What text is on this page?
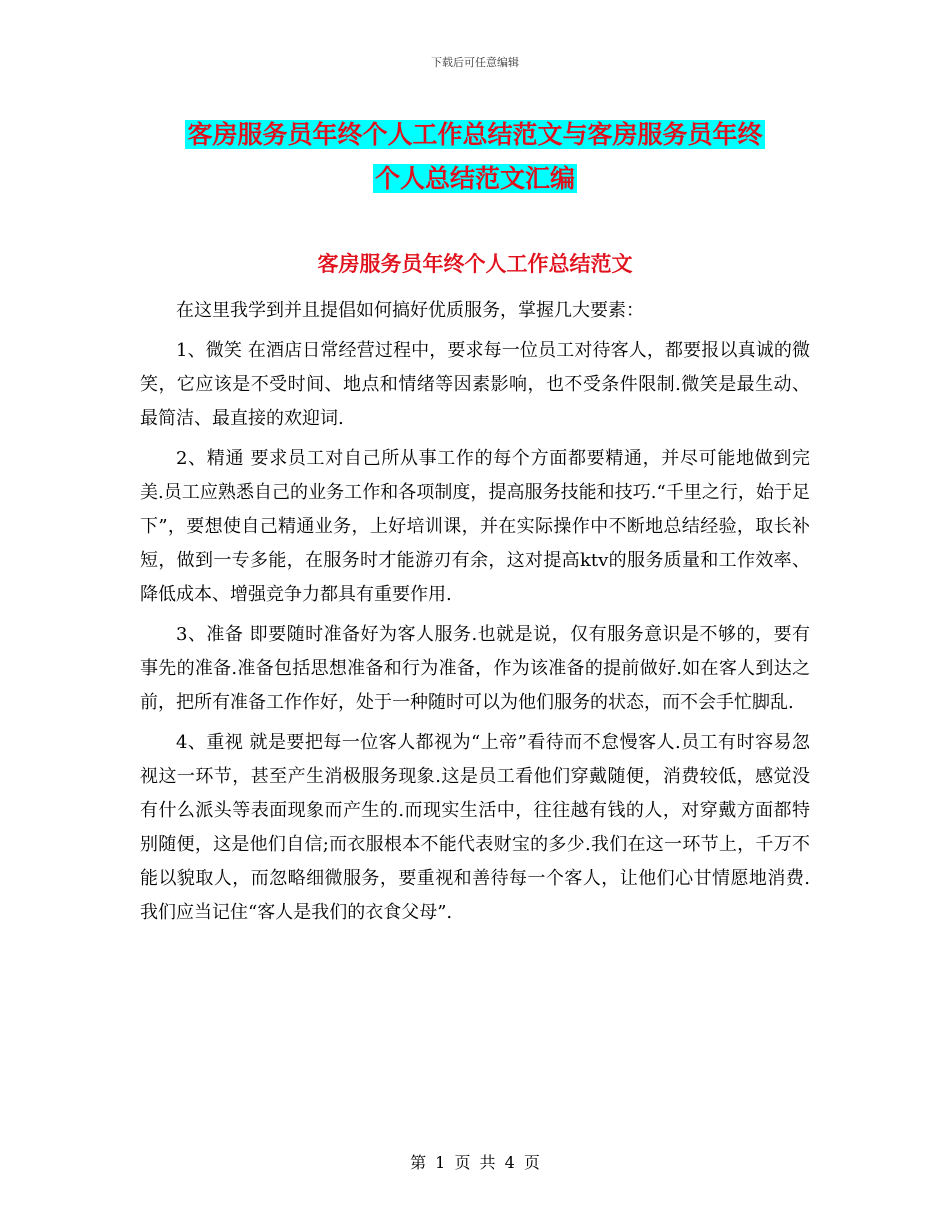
下载后可任意编辑
客房服务员年终个人工作总结范文与客房服务员年终
个人总结范文汇编
客房服务员年终个人工作总结范文

在这里我学到并且提倡如何搞好优质服务，掌握几大要素：

1、微笑 在酒店日常经营过程中，要求每一位员工对待客人，都要报以真诚的微笑，它应该是不受时间、地点和情绪等因素影响，也不受条件限制.微笑是最生动、最简洁、最直接的欢迎词.

2、精通 要求员工对自己所从事工作的每个方面都要精通，并尽可能地做到完美.员工应熟悉自己的业务工作和各项制度，提高服务技能和技巧.“千里之行，始于足下”，要想使自己精通业务，上好培训课，并在实际操作中不断地总结经验，取长补短，做到一专多能，在服务时才能游刃有余，这对提高ktv的服务质量和工作效率、降低成本、增强竞争力都具有重要作用.

3、准备 即要随时准备好为客人服务.也就是说，仅有服务意识是不够的，要有事先的准备.准备包括思想准备和行为准备，作为该准备的提前做好.如在客人到达之前，把所有准备工作作好，处于一种随时可以为他们服务的状态，而不会手忙脚乱.

4、重视 就是要把每一位客人都视为“上帝”看待而不怠慢客人.员工有时容易忽视这一环节，甚至产生消极服务现象.这是员工看他们穿戴随便，消费较低，感觉没有什么派头等表面现象而产生的.而现实生活中，往往越有钱的人，对穿戴方面都特别随便，这是他们自信;而衣服根本不能代表财宝的多少.我们在这一环节上，千万不能以貌取人，而忽略细微服务，要重视和善待每一个客人，让他们心甘情愿地消费.我们应当记住“客人是我们的衣食父母”.

第 1 页 共 4 页
